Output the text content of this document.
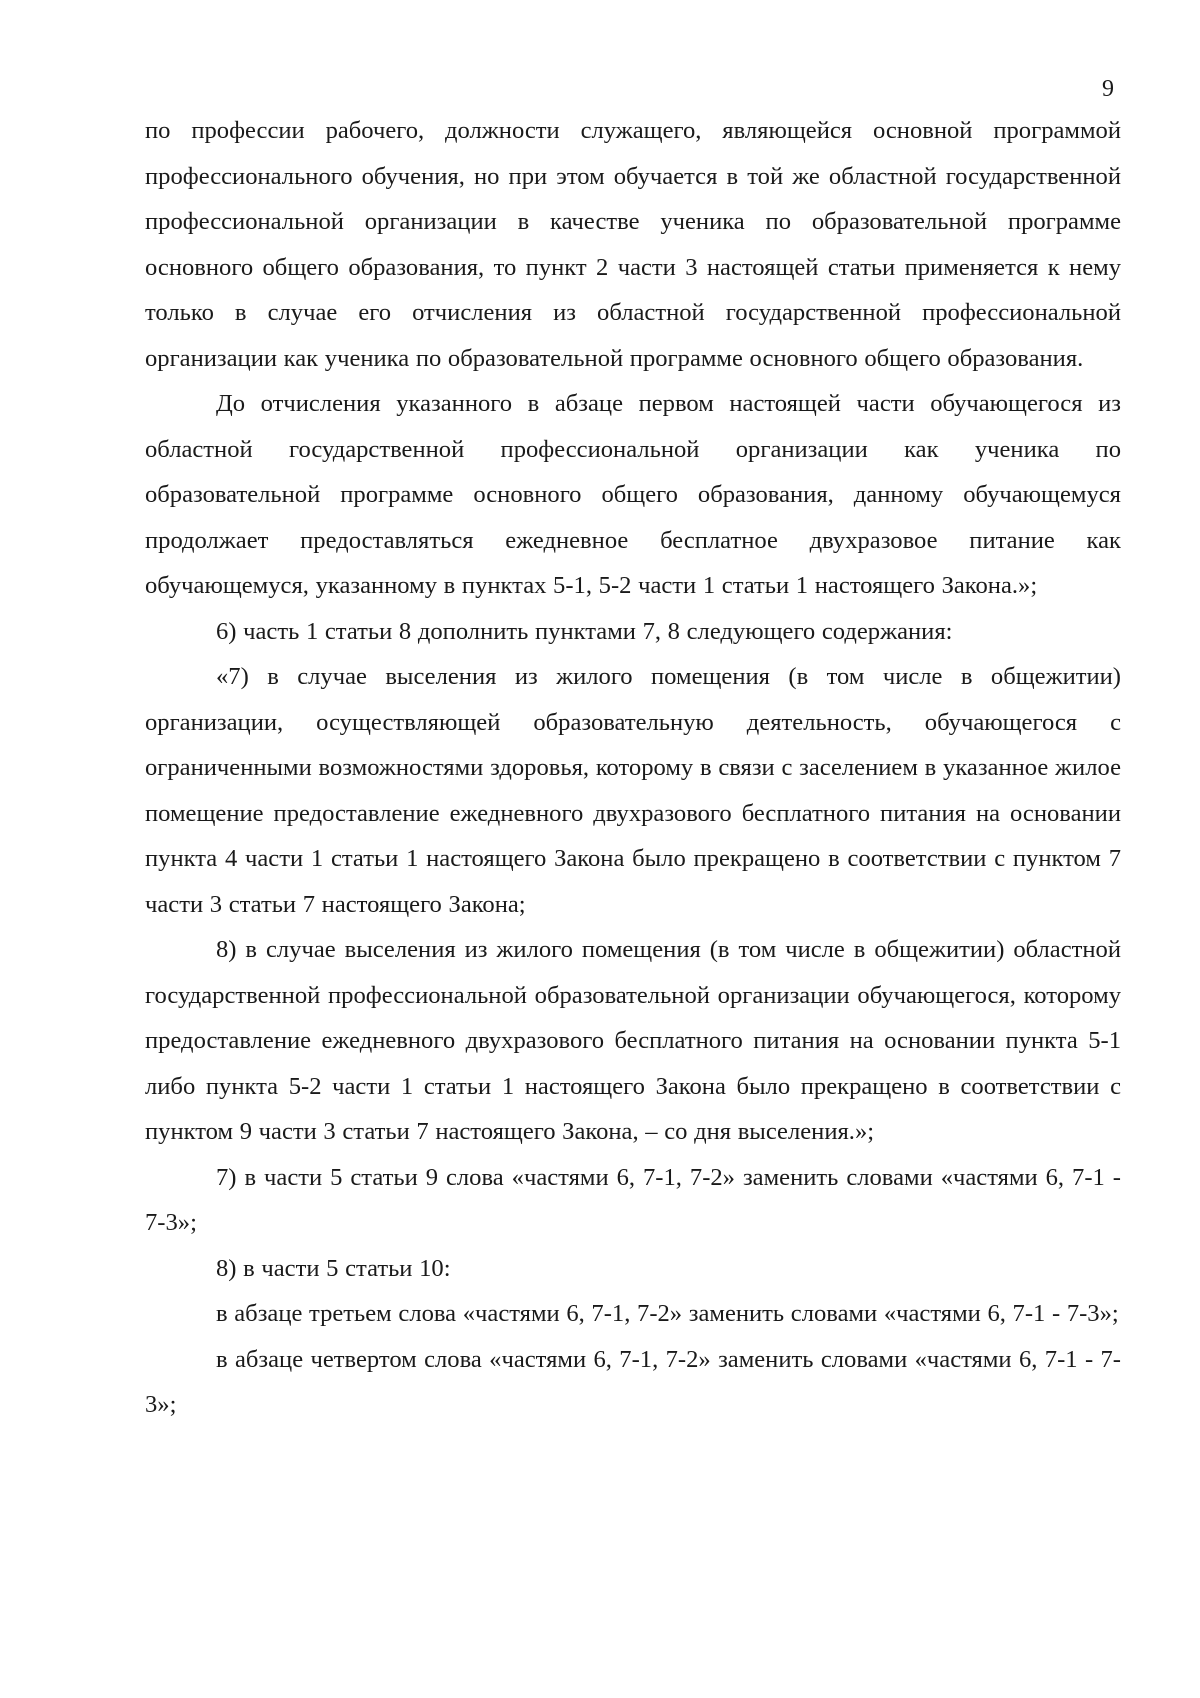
9

по профессии рабочего, должности служащего, являющейся основной программой профессионального обучения, но при этом обучается в той же областной государственной профессиональной организации в качестве ученика по образовательной программе основного общего образования, то пункт 2 части 3 настоящей статьи применяется к нему только в случае его отчисления из областной государственной профессиональной организации как ученика по образовательной программе основного общего образования.

До отчисления указанного в абзаце первом настоящей части обучающегося из областной государственной профессиональной организации как ученика по образовательной программе основного общего образования, данному обучающемуся продолжает предоставляться ежедневное бесплатное двухразовое питание как обучающемуся, указанному в пунктах 5-1, 5-2 части 1 статьи 1 настоящего Закона.»;

6) часть 1 статьи 8 дополнить пунктами 7, 8 следующего содержания:

«7) в случае выселения из жилого помещения (в том числе в общежитии) организации, осуществляющей образовательную деятельность, обучающегося с ограниченными возможностями здоровья, которому в связи с заселением в указанное жилое помещение предоставление ежедневного двухразового бесплатного питания на основании пункта 4 части 1 статьи 1 настоящего Закона было прекращено в соответствии с пунктом 7 части 3 статьи 7 настоящего Закона;

8) в случае выселения из жилого помещения (в том числе в общежитии) областной государственной профессиональной образовательной организации обучающегося, которому предоставление ежедневного двухразового бесплатного питания на основании пункта 5-1 либо пункта 5-2 части 1 статьи 1 настоящего Закона было прекращено в соответствии с пунктом 9 части 3 статьи 7 настоящего Закона, – со дня выселения.»;

7) в части 5 статьи 9 слова «частями 6, 7-1, 7-2» заменить словами «частями 6, 7-1 - 7-3»;

8) в части 5 статьи 10:

в абзаце третьем слова «частями 6, 7-1, 7-2» заменить словами «частями 6, 7-1 - 7-3»;

в абзаце четвертом слова «частями 6, 7-1, 7-2» заменить словами «частями 6, 7-1 - 7-3»;
